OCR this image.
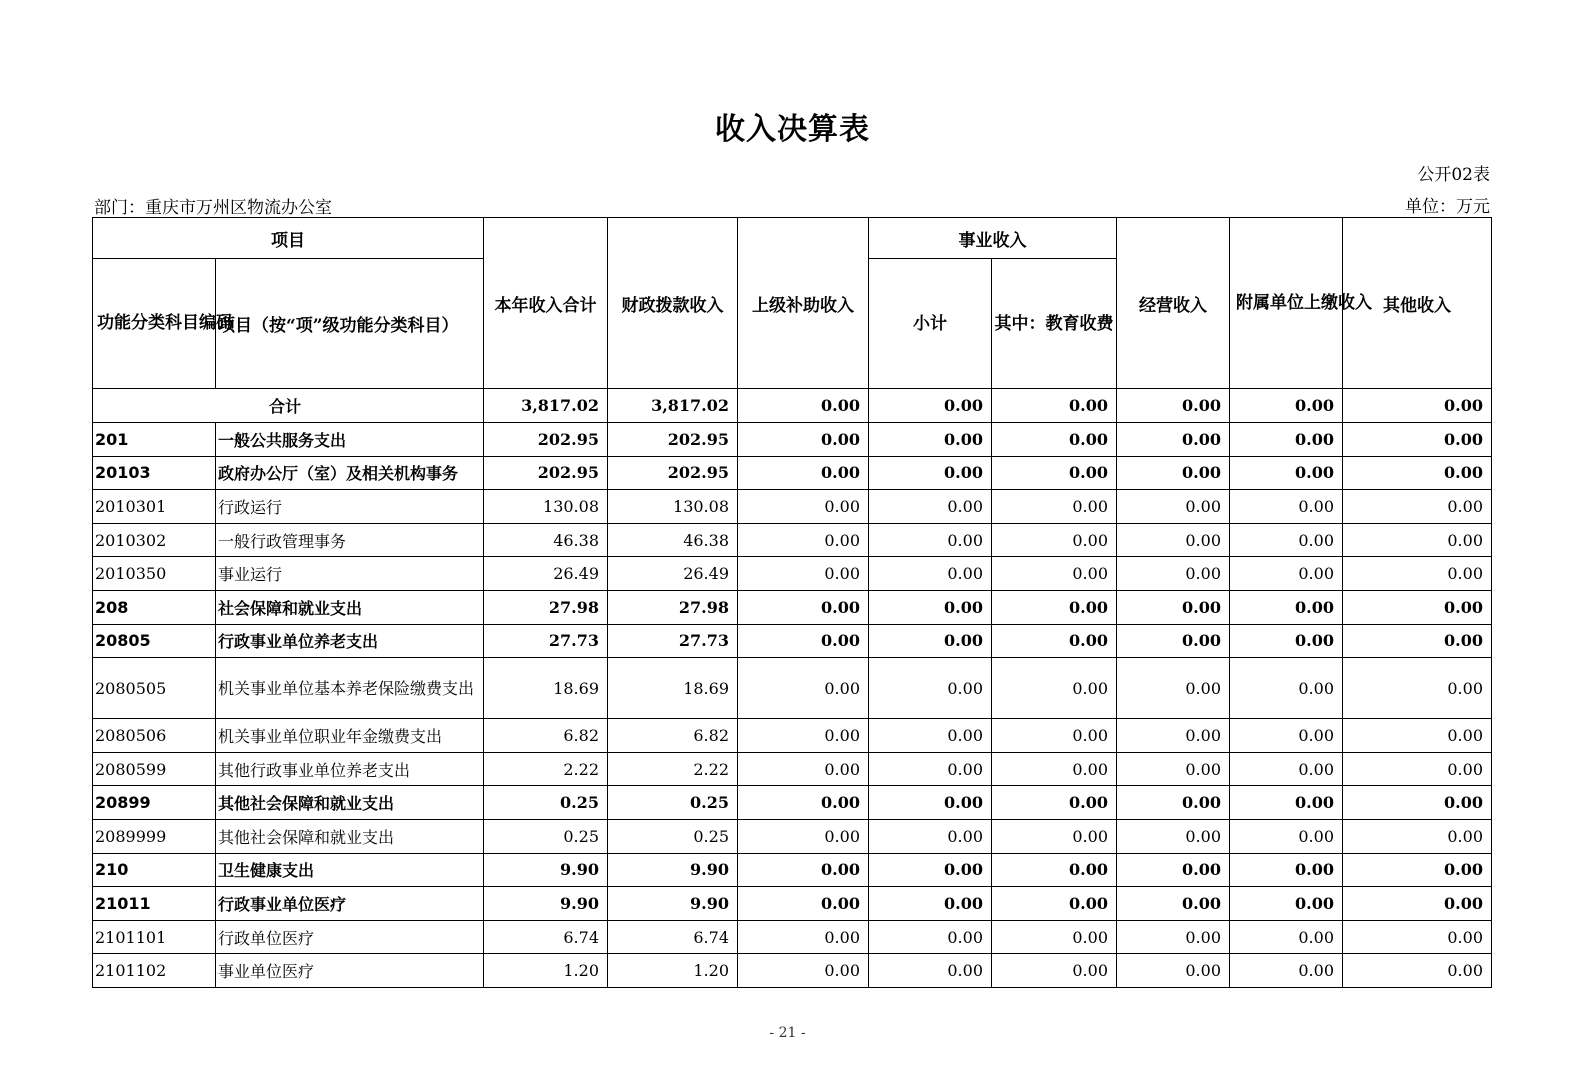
收入决算表
公开02表
部门：重庆市万州区物流办公室	单位：万元
项目		本年收入合计	财政拨款收入	上级补助收入	事业收入		经营收入	附属单位上缴收入	其他收入
功能分类科目编码	项目（按“项”级功能分类科目）				小计	其中：教育收费			
合计		3,817.02	3,817.02	0.00	0.00	0.00	0.00	0.00	0.00
201	一般公共服务支出	202.95	202.95	0.00	0.00	0.00	0.00	0.00	0.00
20103	政府办公厅（室）及相关机构事务	202.95	202.95	0.00	0.00	0.00	0.00	0.00	0.00
2010301	行政运行	130.08	130.08	0.00	0.00	0.00	0.00	0.00	0.00
2010302	一般行政管理事务	46.38	46.38	0.00	0.00	0.00	0.00	0.00	0.00
2010350	事业运行	26.49	26.49	0.00	0.00	0.00	0.00	0.00	0.00
208	社会保障和就业支出	27.98	27.98	0.00	0.00	0.00	0.00	0.00	0.00
20805	行政事业单位养老支出	27.73	27.73	0.00	0.00	0.00	0.00	0.00	0.00
2080505	机关事业单位基本养老保险缴费支出	18.69	18.69	0.00	0.00	0.00	0.00	0.00	0.00
2080506	机关事业单位职业年金缴费支出	6.82	6.82	0.00	0.00	0.00	0.00	0.00	0.00
2080599	其他行政事业单位养老支出	2.22	2.22	0.00	0.00	0.00	0.00	0.00	0.00
20899	其他社会保障和就业支出	0.25	0.25	0.00	0.00	0.00	0.00	0.00	0.00
2089999	其他社会保障和就业支出	0.25	0.25	0.00	0.00	0.00	0.00	0.00	0.00
210	卫生健康支出	9.90	9.90	0.00	0.00	0.00	0.00	0.00	0.00
21011	行政事业单位医疗	9.90	9.90	0.00	0.00	0.00	0.00	0.00	0.00
2101101	行政单位医疗	6.74	6.74	0.00	0.00	0.00	0.00	0.00	0.00
2101102	事业单位医疗	1.20	1.20	0.00	0.00	0.00	0.00	0.00	0.00
- 21 -
